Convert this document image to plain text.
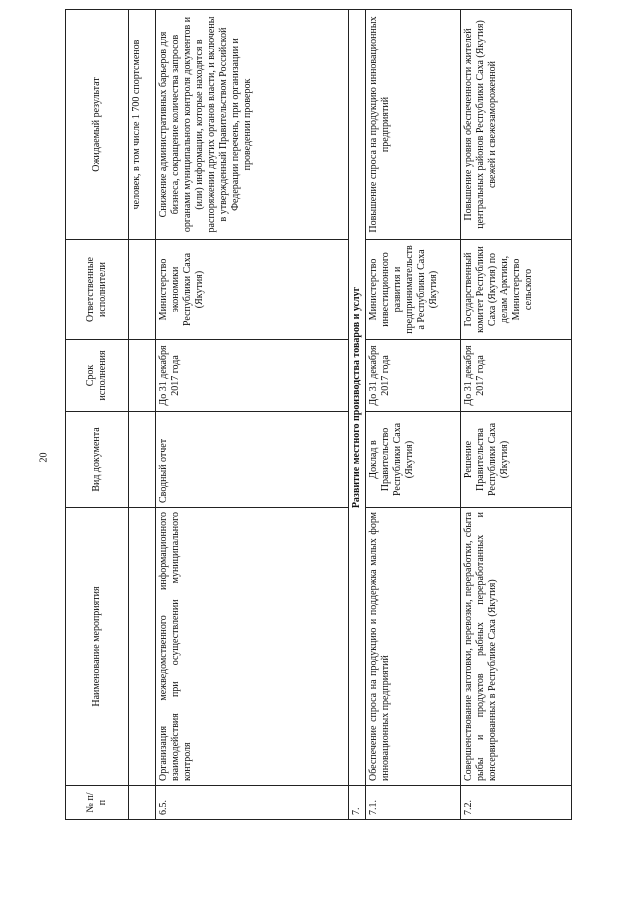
20
№ п/п	Наименование мероприятия	Вид документа	Срок исполнения	Ответственные исполнители	Ожидаемый результат
					человек, в том числе 1 700 спортсменов
6.5.	Организация межведомственного информационного взаимодействия при осуществлении муниципального контроля	Сводный отчет	До 31 декабря 2017 года	Министерство экономики Республики Саха (Якутия)	Снижение административных барьеров для бизнеса, сокращение количества запросов органами муниципального контроля документов и (или) информации, которые находятся в распоряжении других органов власти, и включены в утвержденный Правительством Российской Федерации перечень, при организации и проведении проверок
7.	Развитие местного производства товаров и услуг				
7.1.	Обеспечение спроса на продукцию и поддержка малых форм инновационных предприятий	Доклад в Правительство Республики Саха (Якутия)	До 31 декабря 2017 года	Министерство инвестиционного развития и предпринимательства Республики Саха (Якутия)	Повышение спроса на продукцию инновационных предприятий
7.2.	Совершенствование заготовки, перевозки, переработки, сбыта рыбы и продуктов рыбных переработанных и консервированных в Республике Саха (Якутия)	Решение Правительства Республики Саха (Якутия)	До 31 декабря 2017 года	Государственный комитет Республики Саха (Якутия) по делам Арктики, Министерство сельского	Повышение уровня обеспеченности жителей центральных районов Республики Саха (Якутия) свежей и свежезамороженной
